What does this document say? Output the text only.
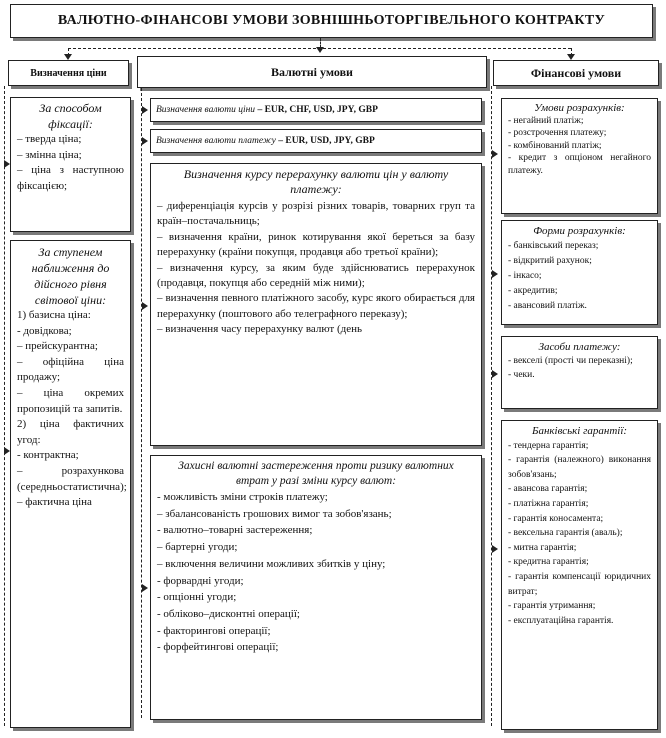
ВАЛЮТНО-ФІНАНСОВІ УМОВИ ЗОВНІШНЬОТОРГІВЕЛЬНОГО КОНТРАКТУ
Визначення ціни	Валютні умови	Фінансові умови
За способом фіксації:
– тверда ціна;
– змінна ціна;
– ціна з наступною фіксацією;
За ступенем наближення до дійсного рівня світової ціни:
1) базисна ціна:
- довідкова;
– прейскурантна;
– офіційна ціна продажу;
– ціна окремих пропозицій та запитів.
2) ціна фактичних угод:
- контрактна;
– розрахункова (середньостатистична);
– фактична ціна
Визначення валюти ціни
– EUR, CHF, USD, JPY, GBP
Визначення валюти платежу
– EUR, USD, JPY, GBP
Визначення курсу перерахунку валюти цін у валюту платежу:
– диференціація курсів у розрізі різних товарів, товарних груп та країн–постачальниць;
– визначення країни, ринок котирування якої береться за базу перерахунку (країни покупця, продавця або третьої країни);
– визначення курсу, за яким буде здійснюватись перерахунок (продавця, покупця або середній між ними);
– визначення певного платіжного засобу, курс якого обирається для перерахунку (поштового або телеграфного переказу);
– визначення часу перерахунку валют (день
Захисні валютні застереження проти ризику валютних втрат у разі зміни курсу валют:
- можливість зміни строків платежу;
– збалансованість грошових вимог та зобов'язань;
- валютно–товарні застереження;
– бартерні угоди;
– включення величини можливих збитків у ціну;
- форвардні угоди;
- опціонні угоди;
- обліково–дисконтні операції;
- факторингові операції;
- форфейтингові операції;
Умови розрахунків:
- негайний платіж;
- розстрочення платежу;
- комбінований платіж;
- кредит з опціоном негайного платежу.
Форми розрахунків:
- банківський переказ;
- відкритий рахунок;
- інкасо;
- акредитив;
- авансовий платіж.
Засоби платежу:
- векселі (прості чи переказні);
- чеки.
Банківські гарантії:
- тендерна гарантія;
- гарантія (належного) виконання зобов'язань;
- авансова гарантія;
- платіжна гарантія;
- гарантія коносамента;
- вексельна гарантія (аваль);
- митна гарантія;
- кредитна гарантія;
- гарантія компенсації юридичних витрат;
- гарантія утримання;
- експлуатаційна гарантія.
